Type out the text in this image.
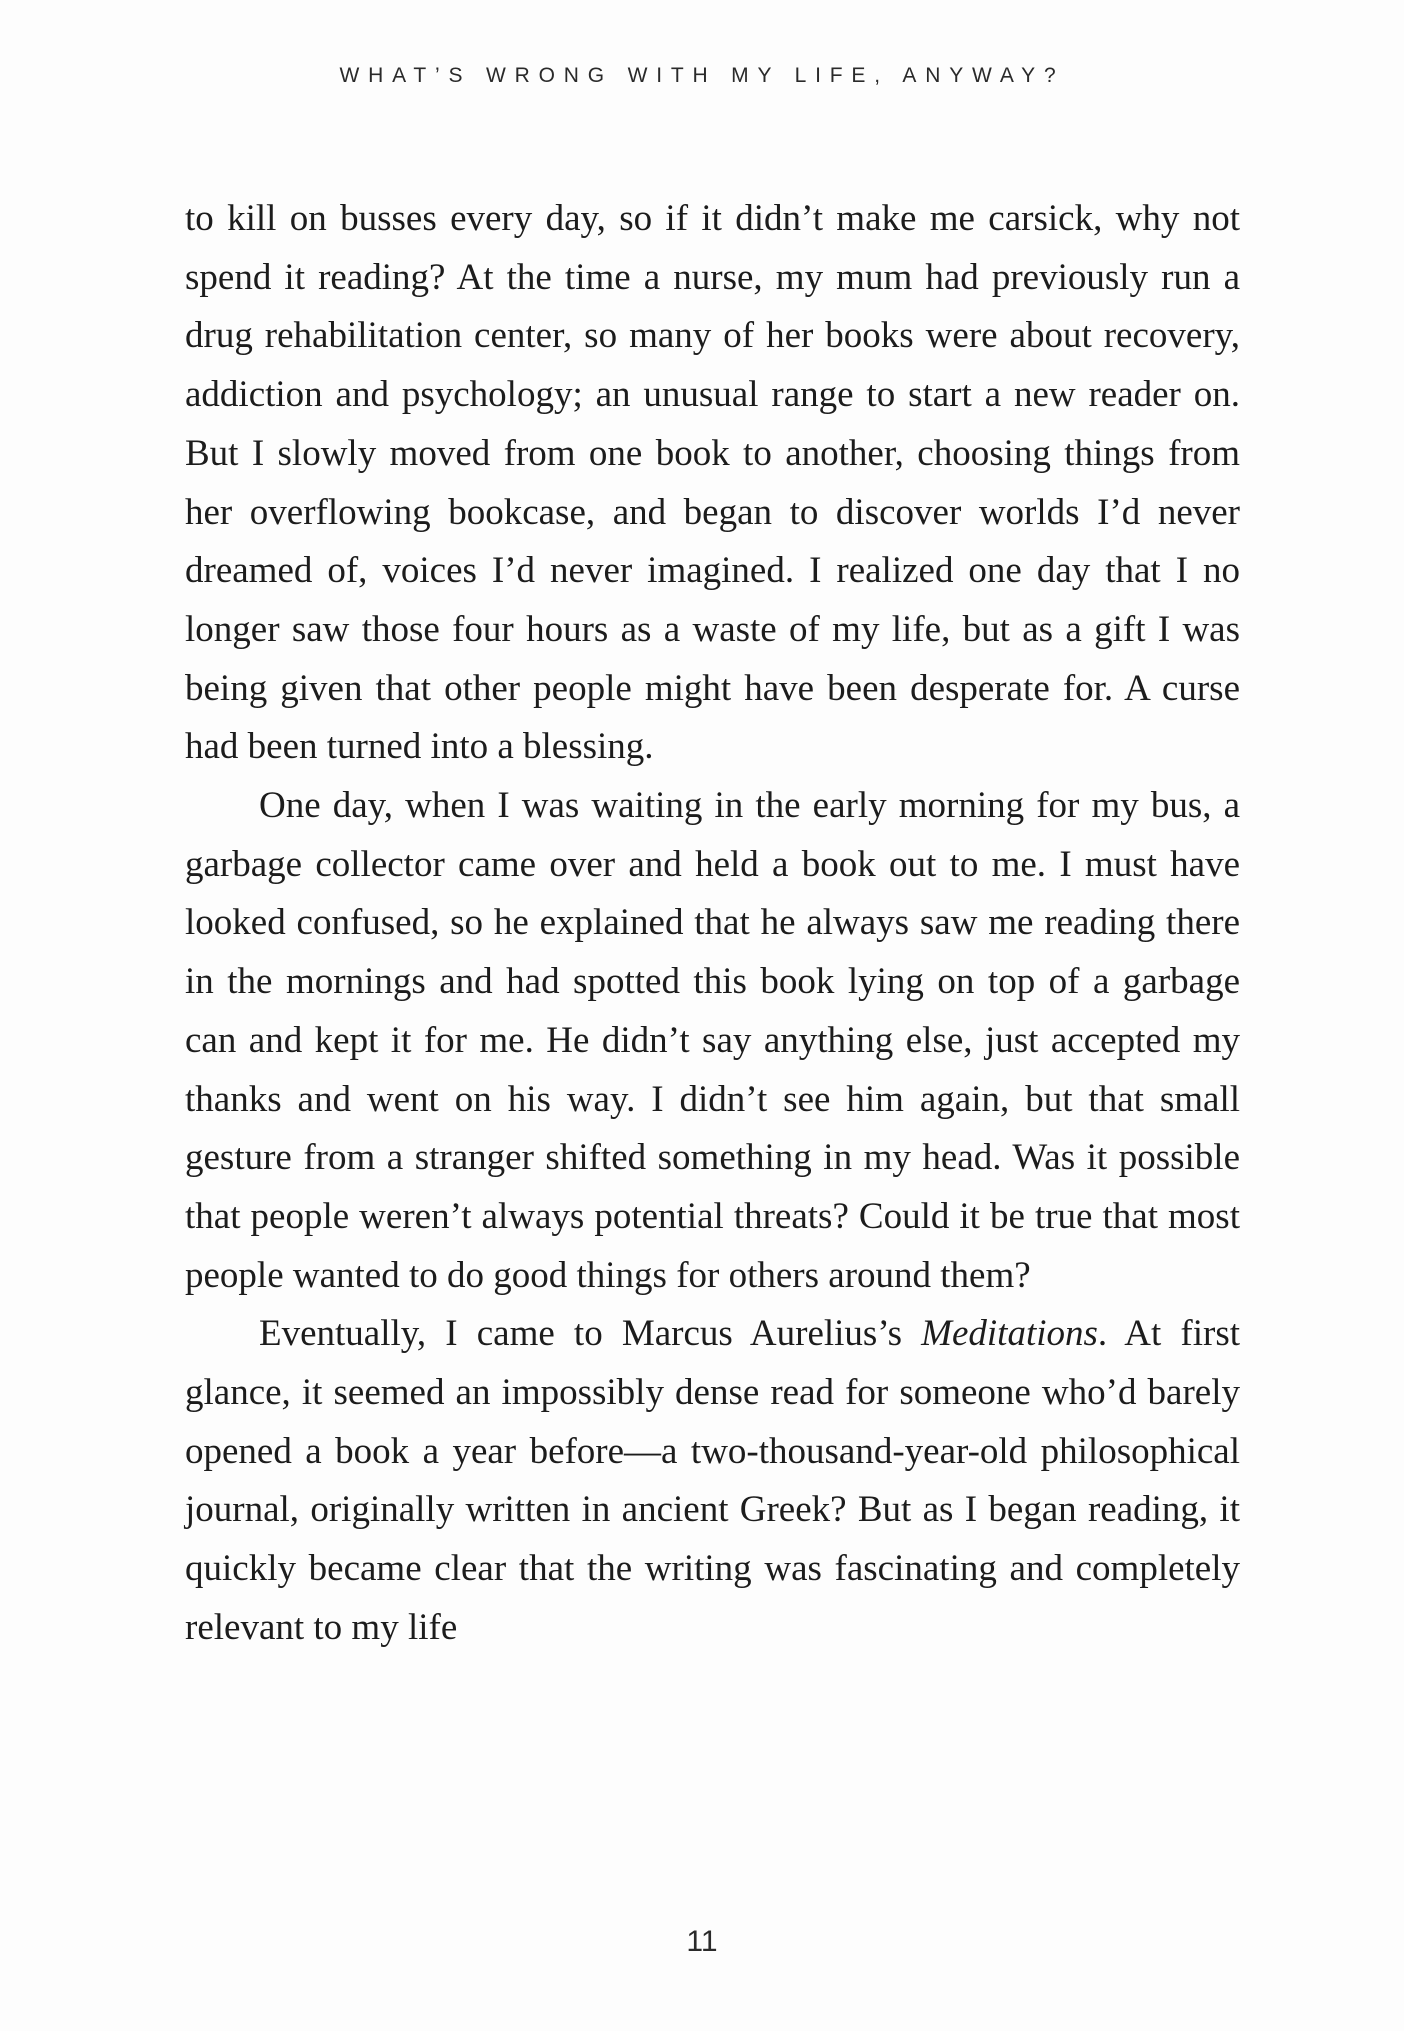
WHAT’S WRONG WITH MY LIFE, ANYWAY?

to kill on busses every day, so if it didn’t make me carsick, why not spend it reading? At the time a nurse, my mum had previously run a drug rehabilitation center, so many of her books were about recovery, addiction and psychology; an unusual range to start a new reader on. But I slowly moved from one book to another, choosing things from her overflowing bookcase, and began to discover worlds I’d never dreamed of, voices I’d never imagined. I realized one day that I no longer saw those four hours as a waste of my life, but as a gift I was being given that other people might have been desperate for. A curse had been turned into a blessing.

One day, when I was waiting in the early morning for my bus, a garbage collector came over and held a book out to me. I must have looked confused, so he explained that he always saw me reading there in the mornings and had spotted this book lying on top of a garbage can and kept it for me. He didn’t say anything else, just accepted my thanks and went on his way. I didn’t see him again, but that small gesture from a stranger shifted something in my head. Was it possible that people weren’t always potential threats? Could it be true that most people wanted to do good things for others around them?

Eventually, I came to Marcus Aurelius’s Meditations. At first glance, it seemed an impossibly dense read for someone who’d barely opened a book a year before—a two-thousand-year-old philosophical journal, originally written in ancient Greek? But as I began reading, it quickly became clear that the writing was fascinating and completely relevant to my life

11
